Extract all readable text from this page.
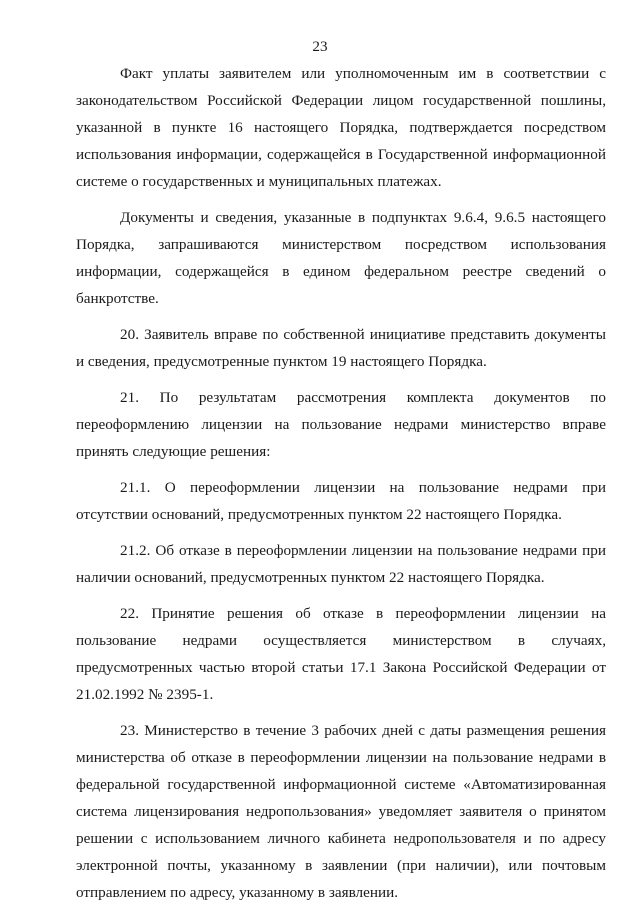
23

Факт уплаты заявителем или уполномоченным им в соответствии с законодательством Российской Федерации лицом государственной пошлины, указанной в пункте 16 настоящего Порядка, подтверждается посредством использования информации, содержащейся в Государственной информационной системе о государственных и муниципальных платежах.

Документы и сведения, указанные в подпунктах 9.6.4, 9.6.5 настоящего Порядка, запрашиваются министерством посредством использования информации, содержащейся в едином федеральном реестре сведений о банкротстве.

20. Заявитель вправе по собственной инициативе представить документы и сведения, предусмотренные пунктом 19 настоящего Порядка.

21. По результатам рассмотрения комплекта документов по переоформлению лицензии на пользование недрами министерство вправе принять следующие решения:

21.1. О переоформлении лицензии на пользование недрами при отсутствии оснований, предусмотренных пунктом 22 настоящего Порядка.

21.2. Об отказе в переоформлении лицензии на пользование недрами при наличии оснований, предусмотренных пунктом 22 настоящего Порядка.

22. Принятие решения об отказе в переоформлении лицензии на пользование недрами осуществляется министерством в случаях, предусмотренных частью второй статьи 17.1 Закона Российской Федерации от 21.02.1992 № 2395-1.

23. Министерство в течение 3 рабочих дней с даты размещения решения министерства об отказе в переоформлении лицензии на пользование недрами в федеральной государственной информационной системе «Автоматизированная система лицензирования недропользования» уведомляет заявителя о принятом решении с использованием личного кабинета недропользователя и по адресу электронной почты, указанному в заявлении (при наличии), или почтовым отправлением по адресу, указанному в заявлении.
